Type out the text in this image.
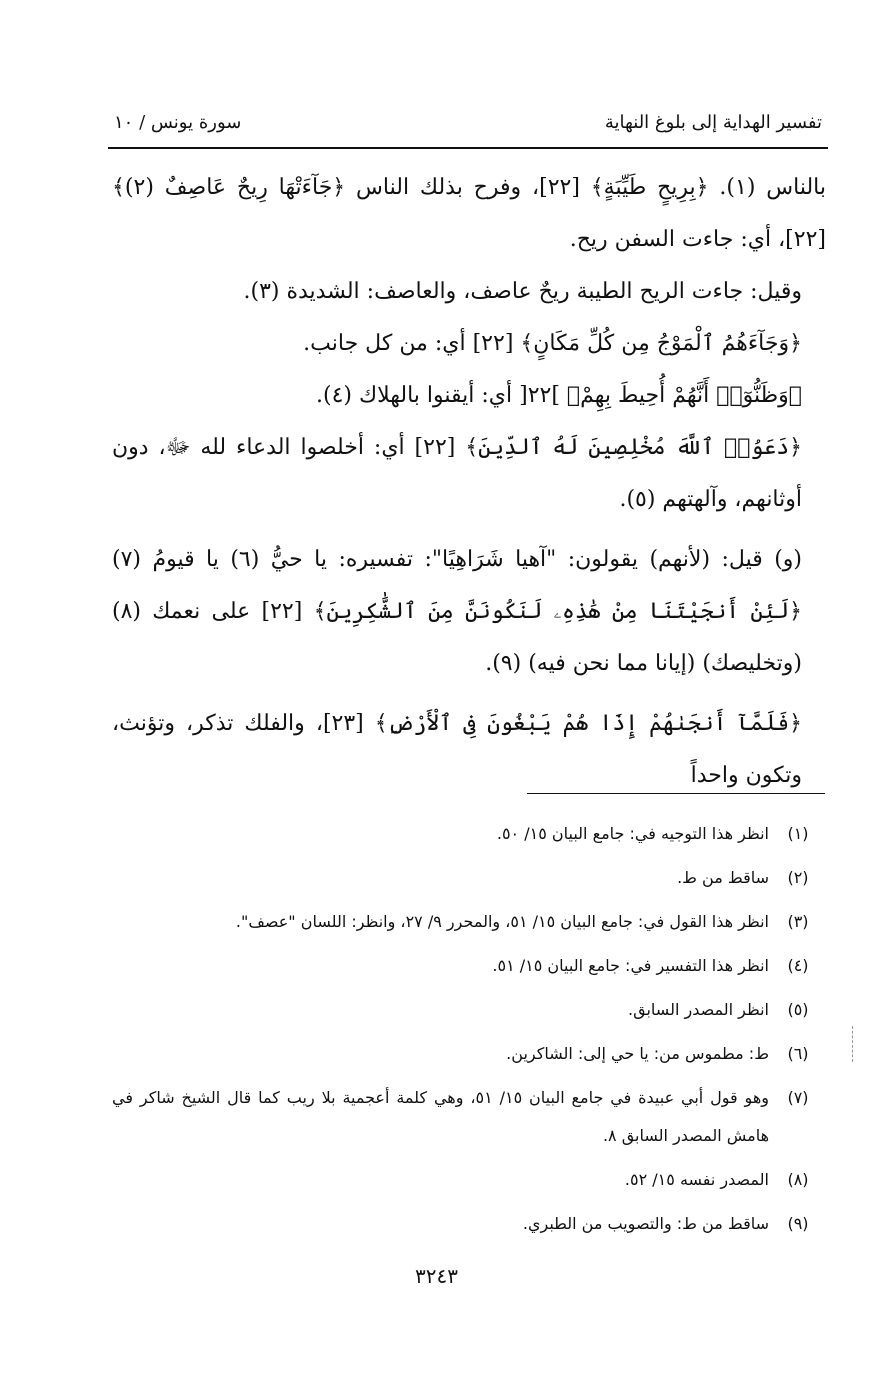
تفسير الهداية إلى بلوغ النهاية
سورة يونس / ١٠

بالناس (١). ﴿بِرِيحٍ طَيِّبَةٍ﴾ [٢٢]، وفرح بذلك الناس ﴿جَآءَتْهَا رِيحٌ عَاصِفٌ (٢)﴾ [٢٢]، أي: جاءت السفن ريح.

وقيل: جاءت الريح الطيبة ريحٌ عاصف، والعاصف: الشديدة (٣).

﴿وَجَآءَهُمُ ٱلْمَوْجُ مِن كُلِّ مَكَانٍ﴾ [٢٢] أي: من كل جانب.

﴿وَظَنُّوٓا۟ أَنَّهُمْ أُحِيطَ بِهِمْ﴾ ]٢٢[ أي: أيقنوا بالهلاك (٤).

﴿دَعَوُا۟ ٱللَّهَ مُخْلِصِينَ لَهُ ٱلدِّينَ﴾ [٢٢] أي: أخلصوا الدعاء لله ﷻ، دون أوثانهم، وآلهتهم (٥).

(و) قيل: (لأنهم) يقولون: "آهيا شَرَاهِيًا": تفسيره: يا حيُّ (٦) يا قيومُ (٧) ﴿لَئِنْ أَنجَيْتَنَا مِنْ هَٰذِهِۦ لَنَكُونَنَّ مِنَ ٱلشَّٰكِرِينَ﴾ [٢٢] على نعمك (٨) (وتخليصك) (إيانا مما نحن فيه) (٩).

﴿فَلَمَّآ أَنجَىٰهُمْ إِذَا هُمْ يَبْغُونَ فِى ٱلْأَرْضِ﴾ [٢٣]، والفلك تذكر، وتؤنث، وتكون واحداً

(١)
انظر هذا التوجيه في: جامع البيان ١٥/ ٥٠.
(٢)
ساقط من ط.
(٣)
انظر هذا القول في: جامع البيان ١٥/ ٥١، والمحرر ٩/ ٢٧، وانظر: اللسان "عصف".
(٤)
انظر هذا التفسير في: جامع البيان ١٥/ ٥١.
(٥)
انظر المصدر السابق.
(٦)
ط: مطموس من: يا حي إلى: الشاكرين.
(٧)
وهو قول أبي عبيدة في جامع البيان ١٥/ ٥١، وهي كلمة أعجمية بلا ريب كما قال الشيخ شاكر في هامش المصدر السابق ٨.
(٨)
المصدر نفسه ١٥/ ٥٢.
(٩)
ساقط من ط: والتصويب من الطبري.
٣٢٤٣
